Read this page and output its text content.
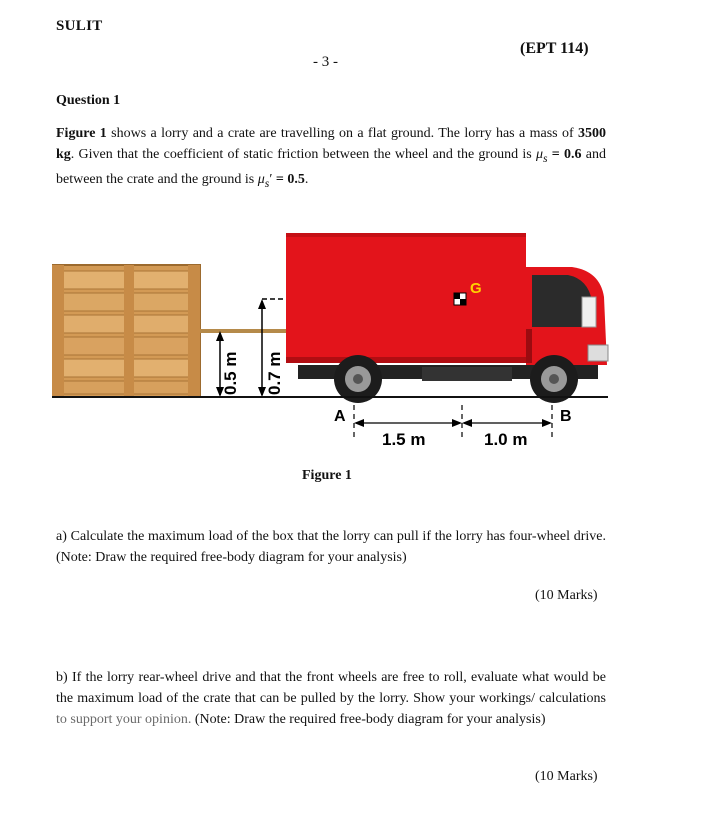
SULIT
(EPT 114)
- 3 -
Question 1
Figure 1 shows a lorry and a crate are travelling on a flat ground. The lorry has a mass of 3500 kg. Given that the coefficient of static friction between the wheel and the ground is $\mu_s = 0.6$ and between the crate and the ground is $\mu_s' = 0.5$.
0.5 m 0.7 m
G
A	B
1.5 m	1.0 m
Figure 1
a) Calculate the maximum load of the box that the lorry can pull if the lorry has four-wheel drive. (Note: Draw the required free-body diagram for your analysis)
(10 Marks)
b) If the lorry rear-wheel drive and that the front wheels are free to roll, evaluate what would be the maximum load of the crate that can be pulled by the lorry. Show your workings/ calculations to support your opinion. (Note: Draw the required free-body diagram for your analysis)
(10 Marks)
